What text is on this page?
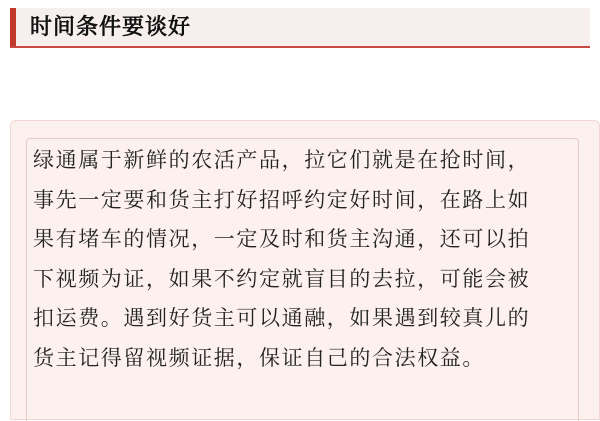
时间条件要谈好

绿通属于新鲜的农活产品，拉它们就是在抢时间，
事先一定要和货主打好招呼约定好时间，在路上如
果有堵车的情况，一定及时和货主沟通，还可以拍
下视频为证，如果不约定就盲目的去拉，可能会被
扣运费。遇到好货主可以通融，如果遇到较真儿的
货主记得留视频证据，保证自己的合法权益。
